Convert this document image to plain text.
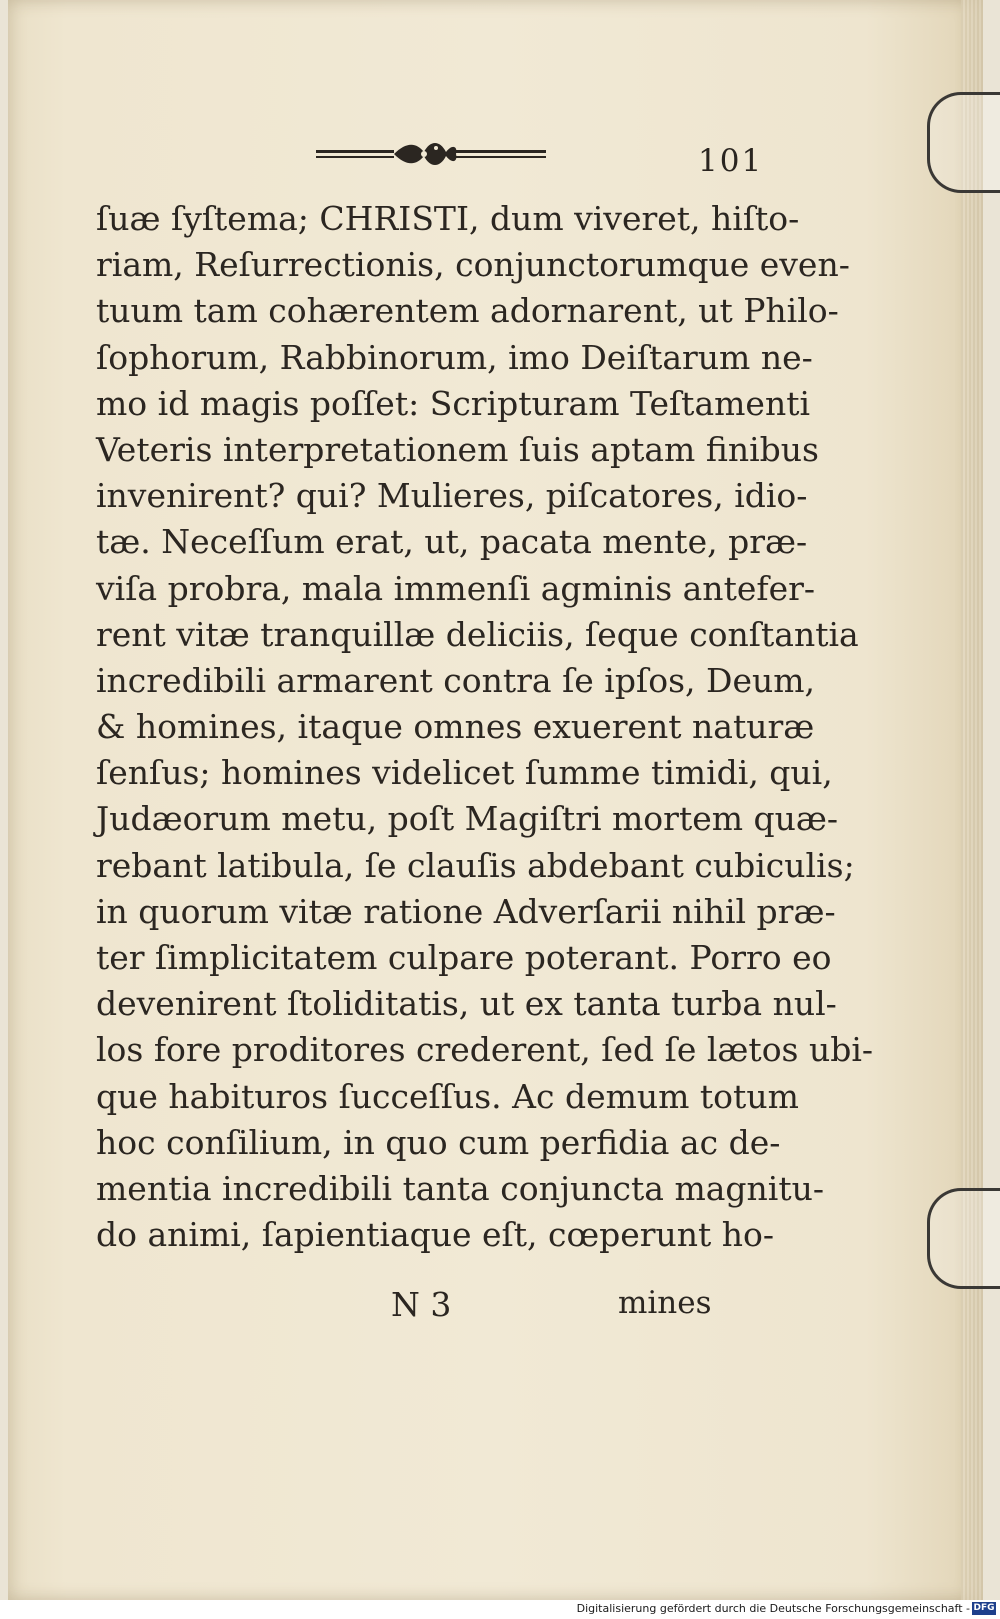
101
ſuæ ſyſtema; CHRISTI, dum viveret, hiſto-
riam, Reſurrectionis, conjunctorumque even-
tuum tam cohærentem adornarent, ut Philo-
ſophorum, Rabbinorum, imo Deiſtarum ne-
mo id magis poſſet: Scripturam Teſtamenti
Veteris interpretationem ſuis aptam finibus
invenirent? qui? Mulieres, piſcatores, idio-
tæ. Neceſſum erat, ut, pacata mente, præ-
viſa probra, mala immenſi agminis antefer-
rent vitæ tranquillæ deliciis, ſeque conſtantia
incredibili armarent contra ſe ipſos, Deum,
& homines, itaque omnes exuerent naturæ
ſenſus; homines videlicet ſumme timidi, qui,
Judæorum metu, poſt Magiſtri mortem quæ-
rebant latibula, ſe clauſis abdebant cubiculis;
in quorum vitæ ratione Adverſarii nihil præ-
ter ſimplicitatem culpare poterant. Porro eo
devenirent ſtoliditatis, ut ex tanta turba nul-
los fore proditores crederent, ſed ſe lætos ubi-
que habituros ſucceſſus. Ac demum totum
hoc conſilium, in quo cum perfidia ac de-
mentia incredibili tanta conjuncta magnitu-
do animi, ſapientiaque eſt, cœperunt ho-
N 3	mines
Digitalisierung gefördert durch die Deutsche Forschungsgemeinschaft - DFG
